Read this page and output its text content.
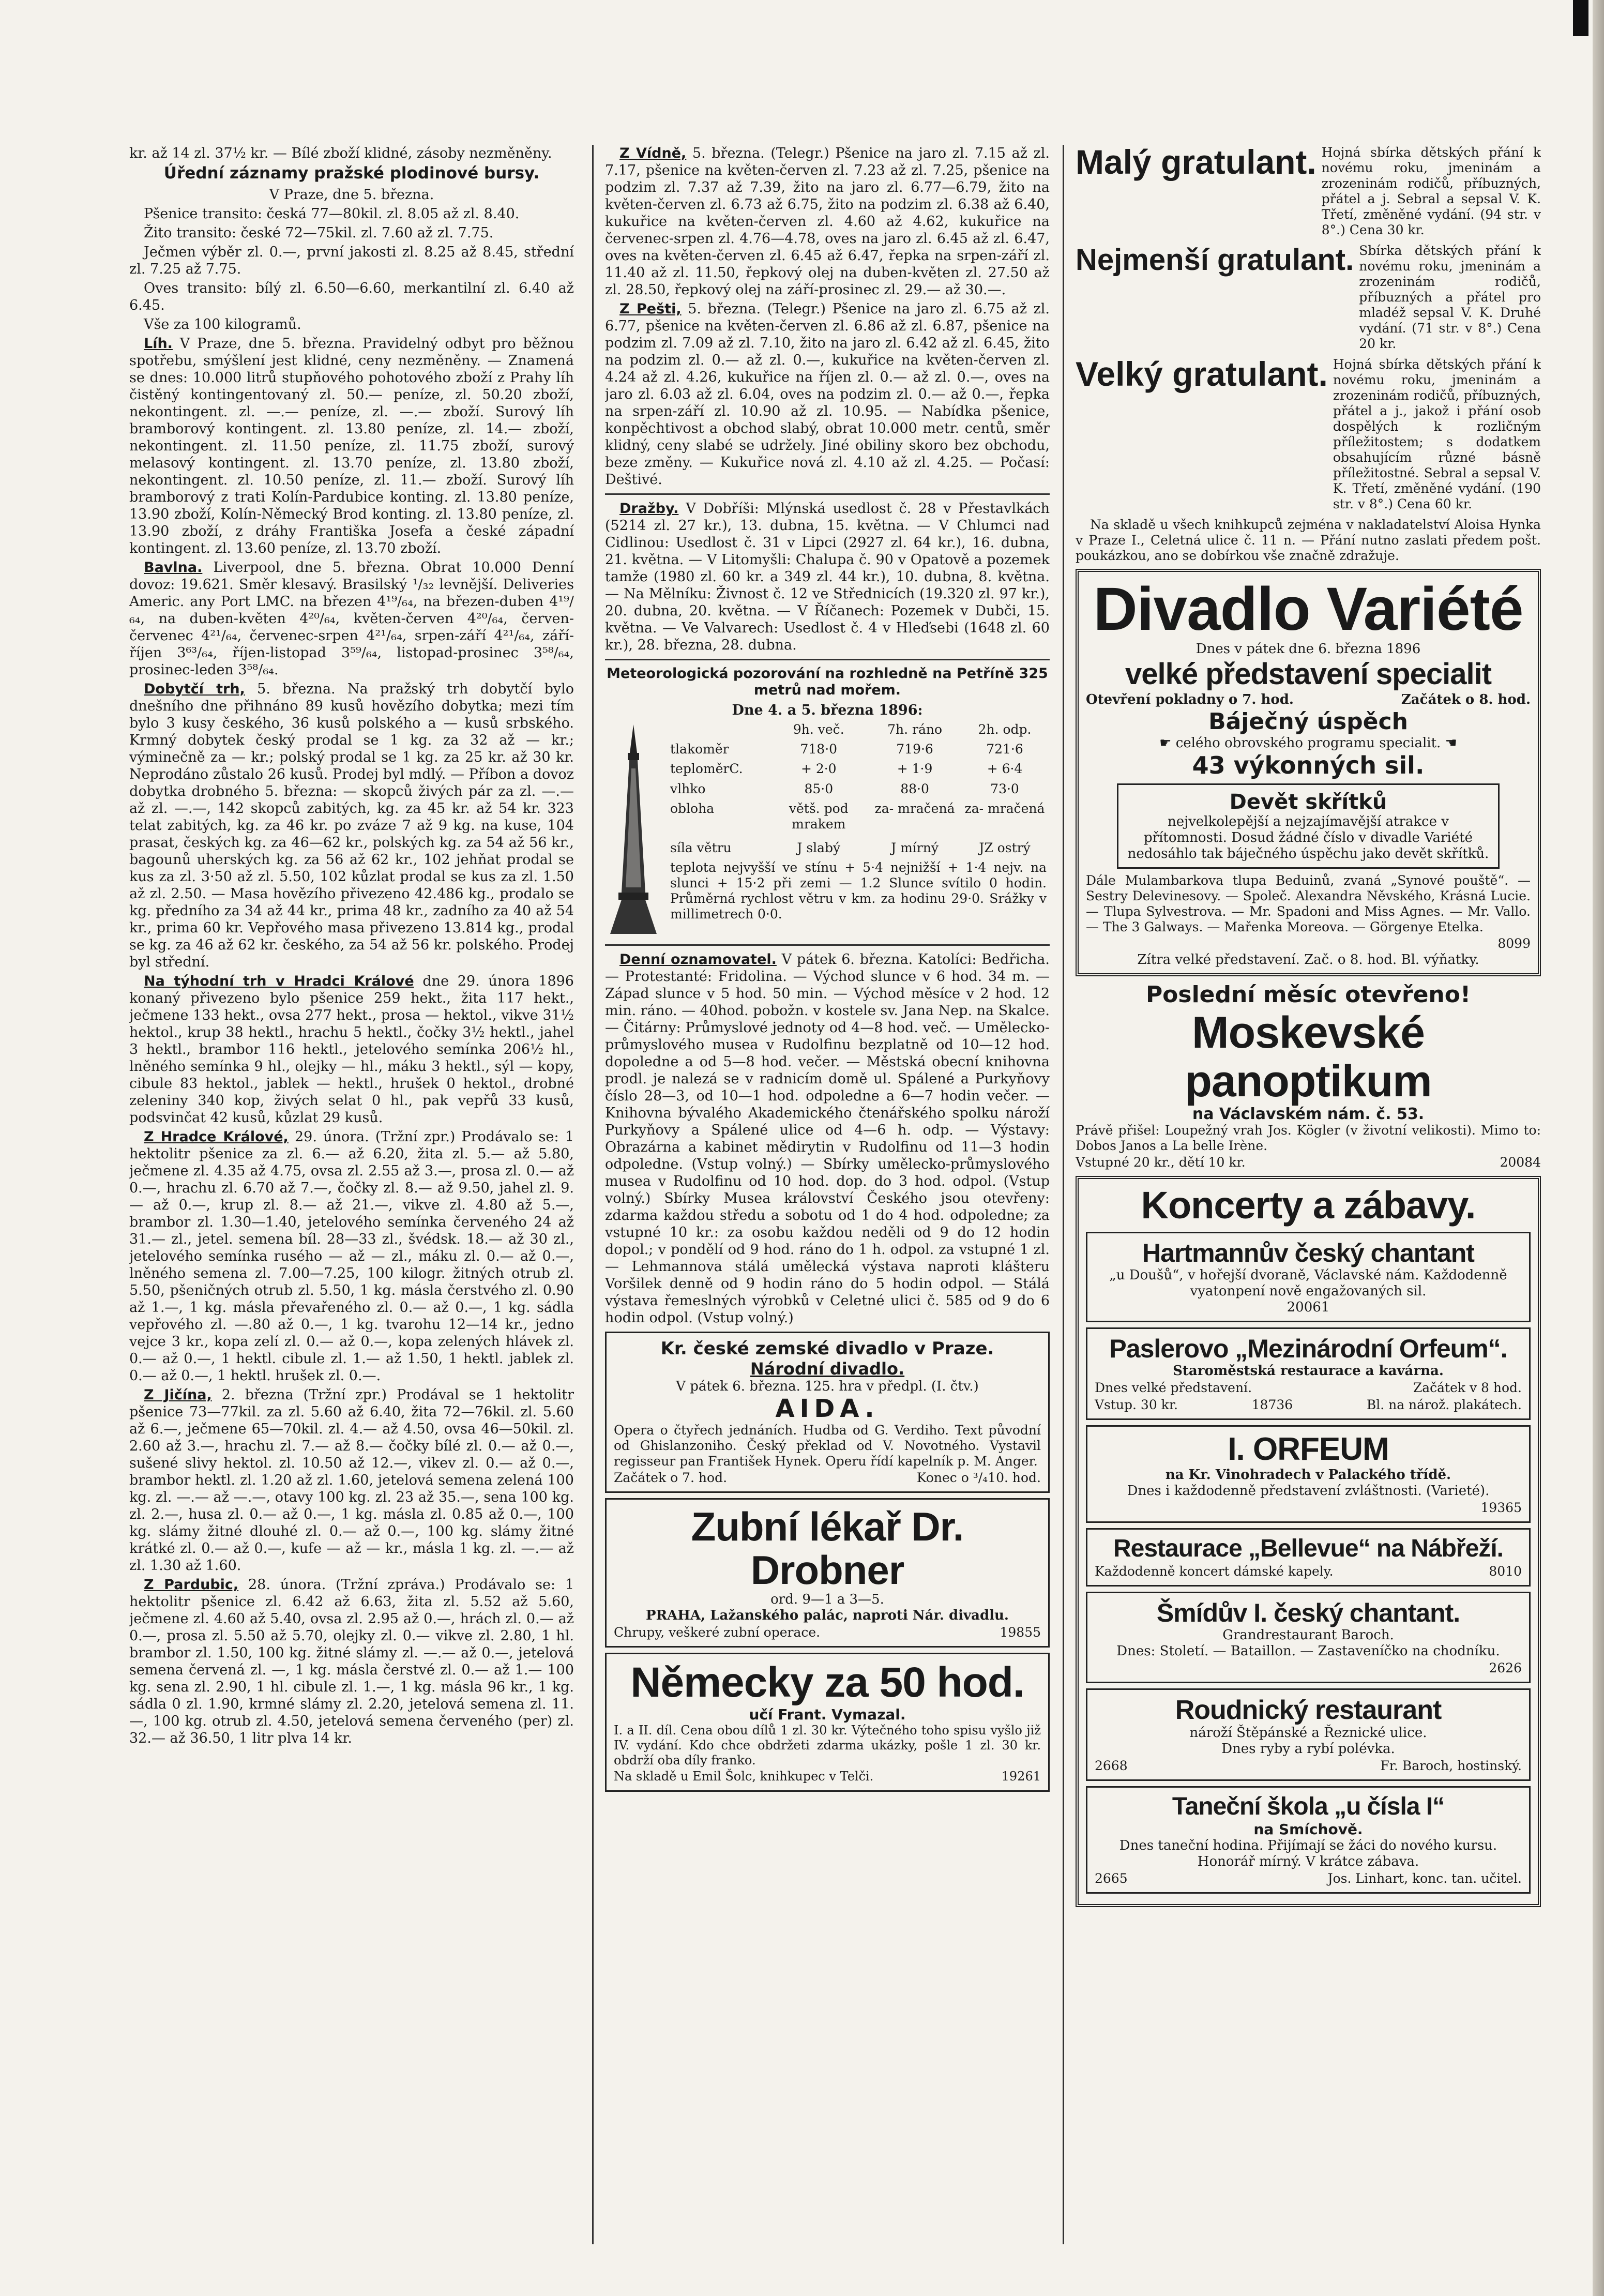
kr. až 14 zl. 37½ kr. — Bílé zboží klidné, zásoby nezměněny.

Úřední záznamy pražské plodinové bursy.

V Praze, dne 5. března.

Pšenice transito: česká 77—80kil. zl. 8.05 až zl. 8.40.

Žito transito: české 72—75kil. zl. 7.60 až zl. 7.75.

Ječmen výběr zl. 0.—, první jakosti zl. 8.25 až 8.45, střední zl. 7.25 až 7.75.

Oves transito: bílý zl. 6.50—6.60, merkantilní zl. 6.40 až 6.45.

Vše za 100 kilogramů.

Líh. V Praze, dne 5. března. Pravidelný odbyt pro běžnou spotřebu, smýšlení jest klidné, ceny nezměněny. — Znamená se dnes: 10.000 litrů stupňového pohotového zboží z Prahy líh čistěný kontingentovaný zl. 50.— peníze, zl. 50.20 zboží, nekontingent. zl. —.— peníze, zl. —.— zboží. Surový líh bramborový kontingent. zl. 13.80 peníze, zl. 14.— zboží, nekontingent. zl. 11.50 peníze, zl. 11.75 zboží, surový melasový kontingent. zl. 13.70 peníze, zl. 13.80 zboží, nekontingent. zl. 10.50 peníze, zl. 11.— zboží. Surový líh bramborový z trati Kolín-Pardubice konting. zl. 13.80 peníze, 13.90 zboží, Kolín-Německý Brod konting. zl. 13.80 peníze, zl. 13.90 zboží, z dráhy Františka Josefa a české západní kontingent. zl. 13.60 peníze, zl. 13.70 zboží.

Bavlna. Liverpool, dne 5. března. Obrat 10.000 Denní dovoz: 19.621. Směr klesavý. Brasilský ¹/₃₂ levnější. Deliveries Americ. any Port LMC. na březen 4¹⁹/₆₄, na březen-duben 4¹⁹/₆₄, na duben-květen 4²⁰/₆₄, květen-červen 4²⁰/₆₄, červen-červenec 4²¹/₆₄, červenec-srpen 4²¹/₆₄, srpen-září 4²¹/₆₄, září-říjen 3⁶³/₆₄, říjen-listopad 3⁵⁹/₆₄, listopad-prosinec 3⁵⁸/₆₄, prosinec-leden 3⁵⁸/₆₄.

Dobytčí trh, 5. března. Na pražský trh dobytčí bylo dnešního dne přihnáno 89 kusů hovězího dobytka; mezi tím bylo 3 kusy českého, 36 kusů polského a — kusů srbského. Krmný dobytek český prodal se 1 kg. za 32 až — kr.; výminečně za — kr.; polský prodal se 1 kg. za 25 kr. až 30 kr. Neprodáno zůstalo 26 kusů. Prodej byl mdlý. — Příbon a dovoz dobytka drobného 5. března: — skopců živých pár za zl. —.— až zl. —.—, 142 skopců zabitých, kg. za 45 kr. až 54 kr. 323 telat zabitých, kg. za 46 kr. po zváze 7 až 9 kg. na kuse, 104 prasat, českých kg. za 46—62 kr., polských kg. za 54 až 56 kr., bagounů uherských kg. za 56 až 62 kr., 102 jehňat prodal se kus za zl. 3·50 až zl. 5.50, 102 kůzlat prodal se kus za zl. 1.50 až zl. 2.50. — Masa hovězího přivezeno 42.486 kg., prodalo se kg. předního za 34 až 44 kr., prima 48 kr., zadního za 40 až 54 kr., prima 60 kr. Vepřového masa přivezeno 13.814 kg., prodal se kg. za 46 až 62 kr. českého, za 54 až 56 kr. polského. Prodej byl střední.

Na týhodní trh v Hradci Králové dne 29. února 1896 konaný přivezeno bylo pšenice 259 hekt., žita 117 hekt., ječmene 133 hekt., ovsa 277 hekt., prosa — hektol., vikve 31½ hektol., krup 38 hektl., hrachu 5 hektl., čočky 3½ hektl., jahel 3 hektl., brambor 116 hektl., jetelového semínka 206½ hl., lněného semínka 9 hl., olejky — hl., máku 3 hektl., sýl — kopy, cibule 83 hektol., jablek — hektl., hrušek 0 hektol., drobné zeleniny 340 kop, živých selat 0 hl., pak vepřů 33 kusů, podsvinčat 42 kusů, kůzlat 29 kusů.

Z Hradce Králové, 29. února. (Tržní zpr.) Prodávalo se: 1 hektolitr pšenice za zl. 6.— až 6.20, žita zl. 5.— až 5.80, ječmene zl. 4.35 až 4.75, ovsa zl. 2.55 až 3.—, prosa zl. 0.— až 0.—, hrachu zl. 6.70 až 7.—, čočky zl. 8.— až 9.50, jahel zl. 9.— až 0.—, krup zl. 8.— až 21.—, vikve zl. 4.80 až 5.—, brambor zl. 1.30—1.40, jetelového semínka červeného 24 až 31.— zl., jetel. semena bíl. 28—33 zl., švédsk. 18.— až 30 zl., jetelového semínka rusého — až — zl., máku zl. 0.— až 0.—, lněného semena zl. 7.00—7.25, 100 kilogr. žitných otrub zl. 5.50, pšeničných otrub zl. 5.50, 1 kg. másla čerstvého zl. 0.90 až 1.—, 1 kg. másla převařeného zl. 0.— až 0.—, 1 kg. sádla vepřového zl. —.80 až 0.—, 1 kg. tvarohu 12—14 kr., jedno vejce 3 kr., kopa zelí zl. 0.— až 0.—, kopa zelených hlávek zl. 0.— až 0.—, 1 hektl. cibule zl. 1.— až 1.50, 1 hektl. jablek zl. 0.— až 0.—, 1 hektl. hrušek zl. 0.—.

Z Jičína, 2. března (Tržní zpr.) Prodával se 1 hektolitr pšenice 73—77kil. za zl. 5.60 až 6.40, žita 72—76kil. zl. 5.60 až 6.—, ječmene 65—70kil. zl. 4.— až 4.50, ovsa 46—50kil. zl. 2.60 až 3.—, hrachu zl. 7.— až 8.— čočky bílé zl. 0.— až 0.—, sušené slivy hektol. zl. 10.50 až 12.—, vikev zl. 0.— až 0.—, brambor hektl. zl. 1.20 až zl. 1.60, jetelová semena zelená 100 kg. zl. —.— až —.—, otavy 100 kg. zl. 23 až 35.—, sena 100 kg. zl. 2.—, husa zl. 0.— až 0.—, 1 kg. másla zl. 0.85 až 0.—, 100 kg. slámy žitné dlouhé zl. 0.— až 0.—, 100 kg. slámy žitné krátké zl. 0.— až 0.—, kufe — až — kr., másla 1 kg. zl. —.— až zl. 1.30 až 1.60.

Z Pardubic, 28. února. (Tržní zpráva.) Prodávalo se: 1 hektolitr pšenice zl. 6.42 až 6.63, žita zl. 5.52 až 5.60, ječmene zl. 4.60 až 5.40, ovsa zl. 2.95 až 0.—, hrách zl. 0.— až 0.—, prosa zl. 5.50 až 5.70, olejky zl. 0.— vikve zl. 2.80, 1 hl. brambor zl. 1.50, 100 kg. žitné slámy zl. —.— až 0.—, jetelová semena červená zl. —, 1 kg. másla čerstvé zl. 0.— až 1.— 100 kg. sena zl. 2.90, 1 hl. cibule zl. 1.—, 1 kg. másla 96 kr., 1 kg. sádla 0 zl. 1.90, krmné slámy zl. 2.20, jetelová semena zl. 11.—, 100 kg. otrub zl. 4.50, jetelová semena červeného (per) zl. 32.— až 36.50, 1 litr plva 14 kr.

Z Vídně, 5. března. (Telegr.) Pšenice na jaro zl. 7.15 až zl. 7.17, pšenice na květen-červen zl. 7.23 až zl. 7.25, pšenice na podzim zl. 7.37 až 7.39, žito na jaro zl. 6.77—6.79, žito na květen-červen zl. 6.73 až 6.75, žito na podzim zl. 6.38 až 6.40, kukuřice na květen-červen zl. 4.60 až 4.62, kukuřice na červenec-srpen zl. 4.76—4.78, oves na jaro zl. 6.45 až zl. 6.47, oves na květen-červen zl. 6.45 až 6.47, řepka na srpen-září zl. 11.40 až zl. 11.50, řepkový olej na duben-květen zl. 27.50 až zl. 28.50, řepkový olej na září-prosinec zl. 29.— až 30.—.

Z Pešti, 5. března. (Telegr.) Pšenice na jaro zl. 6.75 až zl. 6.77, pšenice na květen-červen zl. 6.86 až zl. 6.87, pšenice na podzim zl. 7.09 až zl. 7.10, žito na jaro zl. 6.42 až zl. 6.45, žito na podzim zl. 0.— až zl. 0.—, kukuřice na květen-červen zl. 4.24 až zl. 4.26, kukuřice na říjen zl. 0.— až zl. 0.—, oves na jaro zl. 6.03 až zl. 6.04, oves na podzim zl. 0.— až 0.—, řepka na srpen-září zl. 10.90 až zl. 10.95. — Nabídka pšenice, konpěchtivost a obchod slabý, obrat 10.000 metr. centů, směr klidný, ceny slabé se udržely. Jiné obiliny skoro bez obchodu, beze změny. — Kukuřice nová zl. 4.10 až zl. 4.25. — Počasí: Deštivé.

Dražby. V Dobříši: Mlýnská usedlost č. 28 v Přestavlkách (5214 zl. 27 kr.), 13. dubna, 15. května. — V Chlumci nad Cidlinou: Usedlost č. 31 v Lipci (2927 zl. 64 kr.), 16. dubna, 21. května. — V Litomyšli: Chalupa č. 90 v Opatově a pozemek tamže (1980 zl. 60 kr. a 349 zl. 44 kr.), 10. dubna, 8. května. — Na Mělníku: Živnost č. 12 ve Střednicích (19.320 zl. 97 kr.), 20. dubna, 20. května. — V Říčanech: Pozemek v Dubči, 15. května. — Ve Valvarech: Usedlost č. 4 v Hleďsebi (1648 zl. 60 kr.), 28. března, 28. dubna.

Meteorologická pozorování na rozhledně na Petříně 325 metrů nad mořem.
Dne 4. a 5. března 1896:
	9h. več.	7h. ráno	2h. odp.
tlakoměr	718·0	719·6	721·6
teploměrC.	+ 2·0	+ 1·9	+ 6·4
vlhko	85·0	88·0	73·0
oblohа	větš. pod mrakem	za- mračená	za- mračená
síla větru	J slabý	J mírný	JZ ostrý
teplota nejvyšší ve stínu + 5·4 nejnižší + 1·4 nejv. na slunci + 15·2 při zemi — 1.2 Slunce svítilo 0 hodin. Průměrná rychlost větru v km. za hodinu 29·0. Srážky v millimetrech 0·0.			

Denní oznamovatel. V pátek 6. března. Katolíci: Bedřicha. — Protestanté: Fridolina. — Východ slunce v 6 hod. 34 m. — Západ slunce v 5 hod. 50 min. — Východ měsíce v 2 hod. 12 min. ráno. — 40hod. pobožn. v kostele sv. Jana Nep. na Skalce. — Čitárny: Průmyslové jednoty od 4—8 hod. več. — Umělecko-průmyslového musea v Rudolfinu bezplatně od 10—12 hod. dopoledne a od 5—8 hod. večer. — Městská obecní knihovna prodl. je nalezá se v radnicím domě ul. Spálené a Purkyňovy číslo 28—3, od 10—1 hod. odpoledne a 6—7 hodin večer. — Knihovna bývalého Akademického čtenářského spolku nároží Purkyňovy a Spálené ulice od 4—6 h. odp. — Výstavy: Obrazárna a kabinet mědirytin v Rudolfinu od 11—3 hodin odpoledne. (Vstup volný.) — Sbírky umělecko-průmyslového musea v Rudolfinu od 10 hod. dop. do 3 hod. odpol. (Vstup volný.) Sbírky Musea království Českého jsou otevřeny: zdarma každou středu a sobotu od 1 do 4 hod. odpoledne; za vstupné 10 kr.: za osobu každou neděli od 9 do 12 hodin dopol.; v pondělí od 9 hod. ráno do 1 h. odpol. za vstupné 1 zl. — Lehmannova stálá umělecká výstava naproti klášteru Voršilek denně od 9 hodin ráno do 5 hodin odpol. — Stálá výstava řemeslných výrobků v Celetné ulici č. 585 od 9 do 6 hodin odpol. (Vstup volný.)

Kr. české zemské divadlo v Praze.
Národní divadlo.
V pátek 6. března. 125. hra v předpl. (I. čtv.)
AIDA.
Opera o čtyřech jednáních. Hudba od G. Verdiho. Text původní od Ghislanzoniho. Český překlad od V. Novotného. Vystavil regisseur pan František Hynek. Operu řídí kapelník p. M. Anger.
Začátek o 7. hod.	Konec o ³/₄10. hod.
Zubní lékař Dr. Drobner
ord. 9—1 a 3—5.
PRAHA, Lažanského palác, naproti Nár. divadlu.
Chrupy, veškeré zubní operace.	19855
Německy za 50 hod.
učí Frant. Vymazal.
I. a II. díl. Cena obou dílů 1 zl. 30 kr. Výtečného toho spisu vyšlo již IV. vydání. Kdo chce obdržeti zdarma ukázky, pošle 1 zl. 30 kr. obdrží oba díly franko.
Na skladě u Emil Šolc, knihkupec v Telči.	19261
Malý gratulant. Hojná sbírka dětských přání k novému roku, jmeninám a zrozeninám rodičů, příbuzných, přátel a j. Sebral a sepsal V. K. Třetí, změněné vydání. (94 str. v 8°.) Cena 30 kr.
Nejmenší gratulant. Sbírka dětských přání k novému roku, jmeninám a zrozeninám rodičů, příbuzných a přátel pro mladéž sepsal V. K. Druhé vydání. (71 str. v 8°.) Cena 20 kr.
Velký gratulant. Hojná sbírka dětských přání k novému roku, jmeninám a zrozeninám rodičů, příbuzných, přátel a j., jakož i přání osob dospělých k rozličným příležitostem; s dodatkem obsahujícím různé básně příležitostné. Sebral a sepsal V. K. Třetí, změněné vydání. (190 str. v 8°.) Cena 60 kr.

Na skladě u všech knihkupců zejména v nakladatelství Aloisa Hynka v Praze I., Celetná ulice č. 11 n. — Přání nutno zaslati předem pošt. poukázkou, ano se dobírkou vše značně zdražuje.

Divadlo Variété
Dnes v pátek dne 6. března 1896
velké představení specialit
Otevření pokladny o 7. hod.	Začátek o 8. hod.
Báječný úspěch
☛ celého obrovského programu specialit. ☚
43 výkonných sil.
Devět skřítků
nejvelkolepější a nejzajímavější atrakce v přítomnosti. Dosud žádné číslo v divadle Variété nedosáhlo tak báječného úspěchu jako devět skřítků.
Dále Mulambarkova tlupa Beduinů, zvaná „Synové pouště“. — Sestry Delevinesovy. — Společ. Alexandra Něvského, Krásná Lucie. — Tlupa Sylvestrova. — Mr. Spadoni and Miss Agnes. — Mr. Vallo. — The 3 Galways. — Mařenka Moreova. — Görgenye Etelka.
8099
Zítra velké představení. Zač. o 8. hod. Bl. výňatky.
Poslední měsíc otevřeno!
Moskevské panoptikum
na Václavském nám. č. 53.
Právě přišel: Loupežný vrah Jos. Kögler (v životní velikosti). Mimo to: Dobos Janos a La belle Irène.
Vstupné 20 kr., dětí 10 kr.	20084
Koncerty a zábavy.
Hartmannův český chantant
„u Doušů“, v hořejší dvoraně, Václavské nám. Každodenně vyatonpení nově engažovaných sil.
20061
Paslerovo „Mezinárodní Orfeum“.
Staroměstská restaurace a kavárna.
Dnes velké představení.	Začátek v 8 hod.
Vstup. 30 kr.	18736	Bl. na nárož. plakátech.
I. ORFEUM
na Kr. Vinohradech v Palackého třídě.
Dnes i každodenně představení zvláštnosti. (Varieté).
19365
Restaurace „Bellevue“ na Nábřeží.
Každodenně koncert dámské kapely.	8010
Šmídův I. český chantant.
Grandrestaurant Baroch.
Dnes: Století. — Bataillon. — Zastaveníčko na chodníku.
2626
Roudnický restaurant
nároží Štěpánské a Řeznické ulice.
Dnes ryby a rybí polévka.
2668	Fr. Baroch, hostinský.
Taneční škola „u čísla I“
na Smíchově.
Dnes taneční hodina. Přijímají se žáci do nového kursu. Honorář mírný. V krátce zábava.
2665	Jos. Linhart, konc. tan. učitel.
